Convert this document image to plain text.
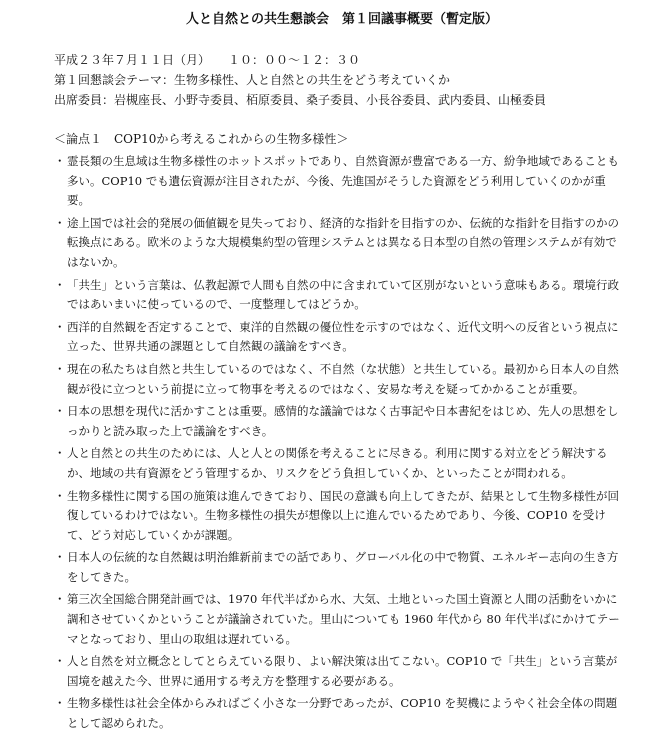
人と自然との共生懇談会　第１回議事概要（暫定版）
平成２３年７月１１日（月）　　１０：００～１２：３０
第１回懇談会テーマ：生物多様性、人と自然との共生をどう考えていくか
出席委員：岩槻座長、小野寺委員、栢原委員、桑子委員、小長谷委員、武内委員、山極委員
＜論点１　COP10から考えるこれからの生物多様性＞
・ 霊長類の生息域は生物多様性のホットスポットであり、自然資源が豊富である一方、紛争地域であることも多い。COP10 でも遺伝資源が注目されたが、今後、先進国がそうした資源をどう利用していくのかが重要。
・ 途上国では社会的発展の価値観を見失っており、経済的な指針を目指すのか、伝統的な指針を目指すのかの転換点にある。欧米のような大規模集約型の管理システムとは異なる日本型の自然の管理システムが有効ではないか。
・ 「共生」という言葉は、仏教起源で人間も自然の中に含まれていて区別がないという意味もある。環境行政ではあいまいに使っているので、一度整理してはどうか。
・ 西洋的自然観を否定することで、東洋的自然観の優位性を示すのではなく、近代文明への反省という視点に立った、世界共通の課題として自然観の議論をすべき。
・ 現在の私たちは自然と共生しているのではなく、不自然（な状態）と共生している。最初から日本人の自然観が役に立つという前提に立って物事を考えるのではなく、安易な考えを疑ってかかることが重要。
・ 日本の思想を現代に活かすことは重要。感情的な議論ではなく古事記や日本書紀をはじめ、先人の思想をしっかりと読み取った上で議論をすべき。
・ 人と自然との共生のためには、人と人との関係を考えることに尽きる。利用に関する対立をどう解決するか、地域の共有資源をどう管理するか、リスクをどう負担していくか、といったことが問われる。
・ 生物多様性に関する国の施策は進んできており、国民の意識も向上してきたが、結果として生物多様性が回復しているわけではない。生物多様性の損失が想像以上に進んでいるためであり、今後、COP10 を受けて、どう対応していくかが課題。
・ 日本人の伝統的な自然観は明治維新前までの話であり、グローバル化の中で物質、エネルギー志向の生き方をしてきた。
・ 第三次全国総合開発計画では、1970 年代半ばから水、大気、土地といった国土資源と人間の活動をいかに調和させていくかということが議論されていた。里山についても 1960 年代から 80 年代半ばにかけてテーマとなっており、里山の取組は遅れている。
・ 人と自然を対立概念としてとらえている限り、よい解決策は出てこない。COP10 で「共生」という言葉が国境を越えた今、世界に通用する考え方を整理する必要がある。
・ 生物多様性は社会全体からみればごく小さな一分野であったが、COP10 を契機にようやく社会全体の問題として認められた。
